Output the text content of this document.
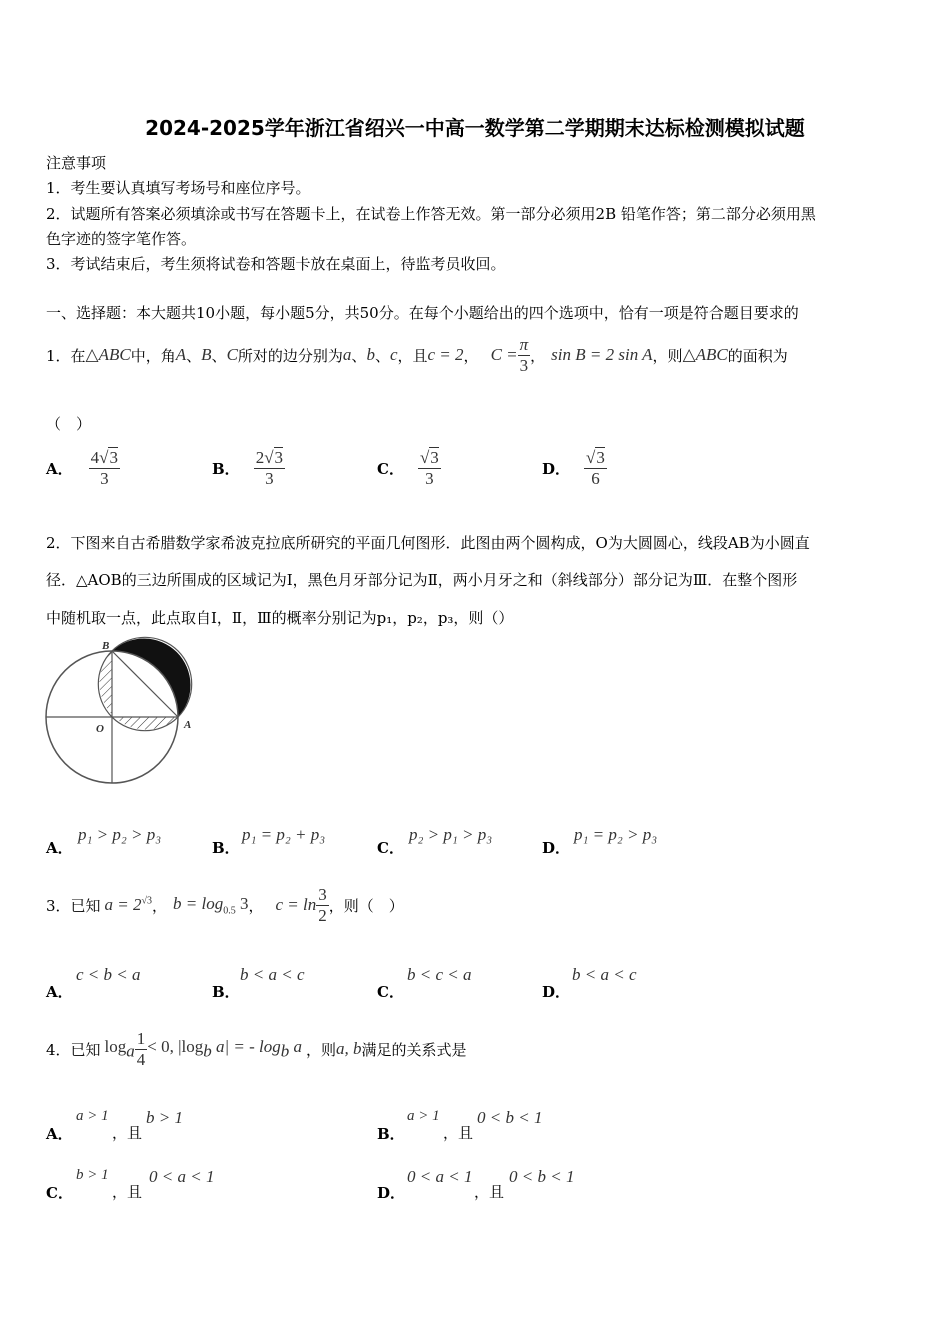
2024-2025学年浙江省绍兴一中高一数学第二学期期末达标检测模拟试题
注意事项
1．考生要认真填写考场号和座位序号。
2．试题所有答案必须填涂或书写在答题卡上，在试卷上作答无效。第一部分必须用2B 铅笔作答；第二部分必须用黑
色字迹的签字笔作答。
3．考试结束后，考生须将试卷和答题卡放在桌面上，待监考员收回。
一、选择题：本大题共10小题，每小题5分，共50分。在每个小题给出的四个选项中，恰有一项是符合题目要求的
1．在 △ABC 中，角 A 、 B 、 C 所对的边分别为 a 、 b 、 c ，且 c = 2 ， $C = \frac{\pi}{3}$ ， sin B = 2 sin A ，则 △ABC 的面积为
（　）
A． $\frac{4√3}{3}$	B． $\frac{2√3}{3}$	C． $\frac{√3}{3}$	D． $\frac{√3}{6}$
2．下图来自古希腊数学家希波克拉底所研究的平面几何图形．此图由两个圆构成，O为大圆圆心，线段AB为小圆直
径．△AOB的三边所围成的区域记为I，黑色月牙部分记为Ⅱ，两小月牙之和（斜线部分）部分记为Ⅲ．在整个图形
中随机取一点，此点取自Ⅰ，Ⅱ，Ⅲ的概率分别记为p₁，p₂，p₃，则（）
B
O	A
A．
p₁ > p₂ > p₃
B．
p₁ = p₂ + p₃
C．
p₂ > p₁ > p₃
D．
p₁ = p₂ > p₃
3．已知 $a = 2^{√3}$ ， $b = \log_{0.5} 3$ ， $c = \ln \frac{3}{2}$ ，则（　）
A．
c < b < a
B．
b < a < c
C．
b < c < a
D．
b < a < c
4．已知 $\log_a \frac{1}{4} < 0$, $|\log_b$ a| = - $\log_b a$ ，则 a, b 满足的关系式是
A．
a > 1
，且
b > 1
B．
a > 1
，且
0 < b < 1
C．
b > 1
，且
0 < a < 1
D．
0 < a < 1
，且
0 < b < 1
